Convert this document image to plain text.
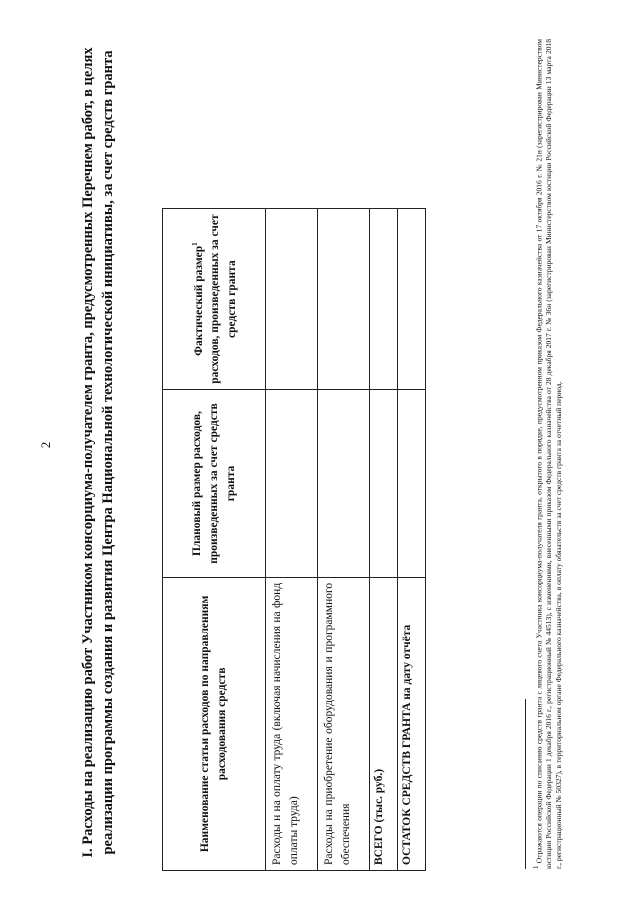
2 I. Расходы на реализацию работ Участником консорциума-получателем гранта, предусмотренных Перечнем работ, в целях реализации программы создания и развития Центра Национальной технологической инициативы, за счет средств гранта	Наименование статьи расходов по направлениям расходования средств	Плановый размер расходов, произведенных за счет средств гранта	Фактический размер$^1$ расходов, произведенных за счет средств гранта
Расходы н на оплату труда (включая начисления на фонд оплаты труда)		
Расходы на приобретение оборудования и программного обеспечения		
ВСЕГО (тыс. руб.)		
ОСТАТОК СРЕДСТВ ГРАНТА на дату отчёта		
$^1$ Отражаются операции по списанию средств гранта с лицевого счета Участника консорциума-получателя гранта, открытого в порядке, предусмотренном приказом Федерального казначейства от 17 октября 2016 г. № 21н (зарегистрирован Министерством юстиции Российской Федерации 1 декабря 2016 г., регистрационный № 44513), с изменениями, внесенными приказом Федерального казначейства от 28 декабря 2017 г. № 36н (зарегистрирован Министерством юстиции Российской Федерации 13 марта 2018 г., регистрационный № 50327), в территориальном органе Федерального казначейства, в оплату обязательств за счет средств гранта за отчетный период.
